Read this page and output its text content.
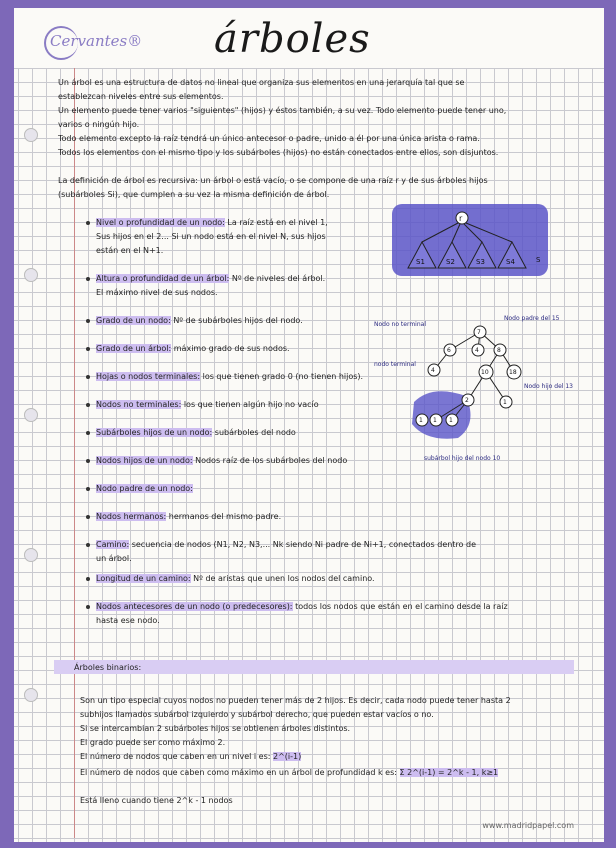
Cervantes® árboles
Un árbol es una estructura de datos no lineal que organiza sus elementos en una jerarquía tal que se
establezcan niveles entre sus elementos.
Un elemento puede tener varios "siguientes" (hijos) y éstos también, a su vez. Todo elemento puede tener uno,
varios o ningún hijo.
Todo elemento excepto la raíz tendrá un único antecesor o padre, unido a él por una única arista o rama.
Todos los elementos con el mismo tipo y los subárboles (hijos) no están conectados entre ellos, son disjuntos.
La definición de árbol es recursiva: un árbol o está vacío, o se compone de una raíz r y de sus árboles hijos
(subárboles Si), que cumplen a su vez la misma definición de árbol.
r
S1	S2	S3	S4	S
Nivel o profundidad de un nodo: La raíz está en el nivel 1,
Sus hijos en el 2... Si un nodo está en el nivel N, sus hijos
están en el N+1.
Altura o profundidad de un árbol: Nº de niveles del árbol.
El máximo nivel de sus nodos.
Grado de un nodo: Nº de subárboles hijos del nodo.
Grado de un árbol: máximo grado de sus nodos.
Hojas o nodos terminales: los que tienen grado 0 (no tienen hijos).
Nodos no terminales: los que tienen algún hijo no vacío
Subárboles hijos de un nodo: subárboles del nodo
Nodos hijos de un nodo: Nodos raíz de los subárboles del nodo
Nodo padre de un nodo:
Nodos hermanos: hermanos del mismo padre.
Camino: secuencia de nodos (N1, N2, N3,... Nk siendo Ni padre de Ni+1, conectados dentro de
un árbol.
Longitud de un camino: Nº de aristas que unen los nodos del camino.
Nodos antecesores de un nodo (o predecesores): todos los nodos que están en el camino desde la raíz
hasta ese nodo.
7
6	4	8
4	10	18
2
1 1 1
1
Nodo no terminal
Nodo padre del 15
nodo terminal
Nodo hijo del 13
subárbol hijo del nodo 10
Árboles binarios:
Son un tipo especial cuyos nodos no pueden tener más de 2 hijos. Es decir, cada nodo puede tener hasta 2
subhijos llamados subárbol izquierdo y subárbol derecho, que pueden estar vacíos o no.
Si se intercambian 2 subárboles hijos se obtienen árboles distintos.
El grado puede ser como máximo 2.
El número de nodos que caben en un nivel i es: 2^(i-1)
El número de nodos que caben como máximo en un árbol de profundidad k es: Σ 2^(i-1) = 2^k - 1, k≥1
Está lleno cuando tiene 2^k - 1 nodos
www.madridpapel.com
